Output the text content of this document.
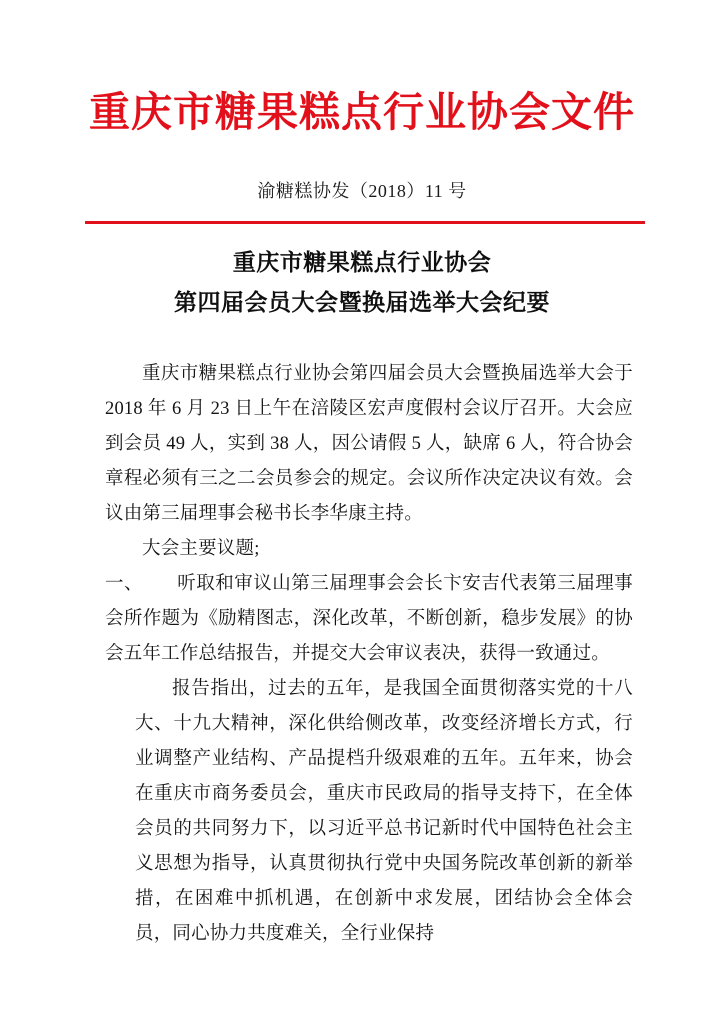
重庆市糖果糕点行业协会文件

渝糖糕协发（2018）11 号

重庆市糖果糕点行业协会

第四届会员大会暨换届选举大会纪要

重庆市糖果糕点行业协会第四届会员大会暨换届选举大会于 2018 年 6 月 23 日上午在涪陵区宏声度假村会议厅召开。大会应到会员 49 人，实到 38 人，因公请假 5 人，缺席 6 人，符合协会章程必须有三之二会员参会的规定。会议所作决定决议有效。会议由第三届理事会秘书长李华康主持。

大会主要议题;

一、 听取和审议山第三届理事会会长卞安吉代表第三届理事会所作题为《励精图志，深化改革，不断创新，稳步发展》的协会五年工作总结报告，并提交大会审议表决，获得一致通过。

报告指出，过去的五年，是我国全面贯彻落实党的十八大、十九大精神，深化供给侧改革，改变经济增长方式，行业调整产业结构、产品提档升级艰难的五年。五年来，协会在重庆市商务委员会，重庆市民政局的指导支持下，在全体会员的共同努力下，以习近平总书记新时代中国特色社会主义思想为指导，认真贯彻执行党中央国务院改革创新的新举措，在困难中抓机遇，在创新中求发展，团结协会全体会员，同心协力共度难关，全行业保持
